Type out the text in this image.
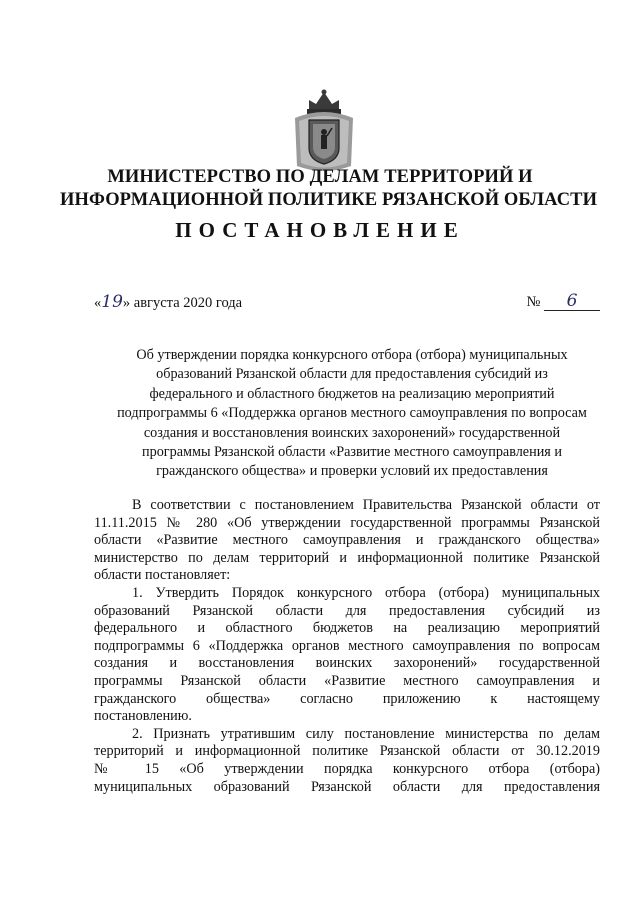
МИНИСТЕРСТВО ПО ДЕЛАМ ТЕРРИТОРИЙ И
ИНФОРМАЦИОННОЙ ПОЛИТИКЕ РЯЗАНСКОЙ ОБЛАСТИ
ПОСТАНОВЛЕНИЕ
«19» августа 2020 года	№ 6
Об утверждении порядка конкурсного отбора (отбора) муниципальных
образований Рязанской области для предоставления субсидий из
федерального и областного бюджетов на реализацию мероприятий
подпрограммы 6 «Поддержка органов местного самоуправления по вопросам
создания и восстановления воинских захоронений» государственной
программы Рязанской области «Развитие местного самоуправления и
гражданского общества» и проверки условий их предоставления
В соответствии с постановлением Правительства Рязанской области от
11.11.2015 № 280 «Об утверждении государственной программы Рязанской
области «Развитие местного самоуправления и гражданского общества»
министерство по делам территорий и информационной политике Рязанской
области постановляет:
1. Утвердить Порядок конкурсного отбора (отбора) муниципальных
образований Рязанской области для предоставления субсидий из
федерального и областного бюджетов на реализацию мероприятий
подпрограммы 6 «Поддержка органов местного самоуправления по вопросам
создания и восстановления воинских захоронений» государственной
программы Рязанской области «Развитие местного самоуправления и
гражданского общества» согласно приложению к настоящему
постановлению.
2. Признать утратившим силу постановление министерства по делам
территорий и информационной политике Рязанской области от 30.12.2019
№ 15 «Об утверждении порядка конкурсного отбора (отбора)
муниципальных образований Рязанской области для предоставления
